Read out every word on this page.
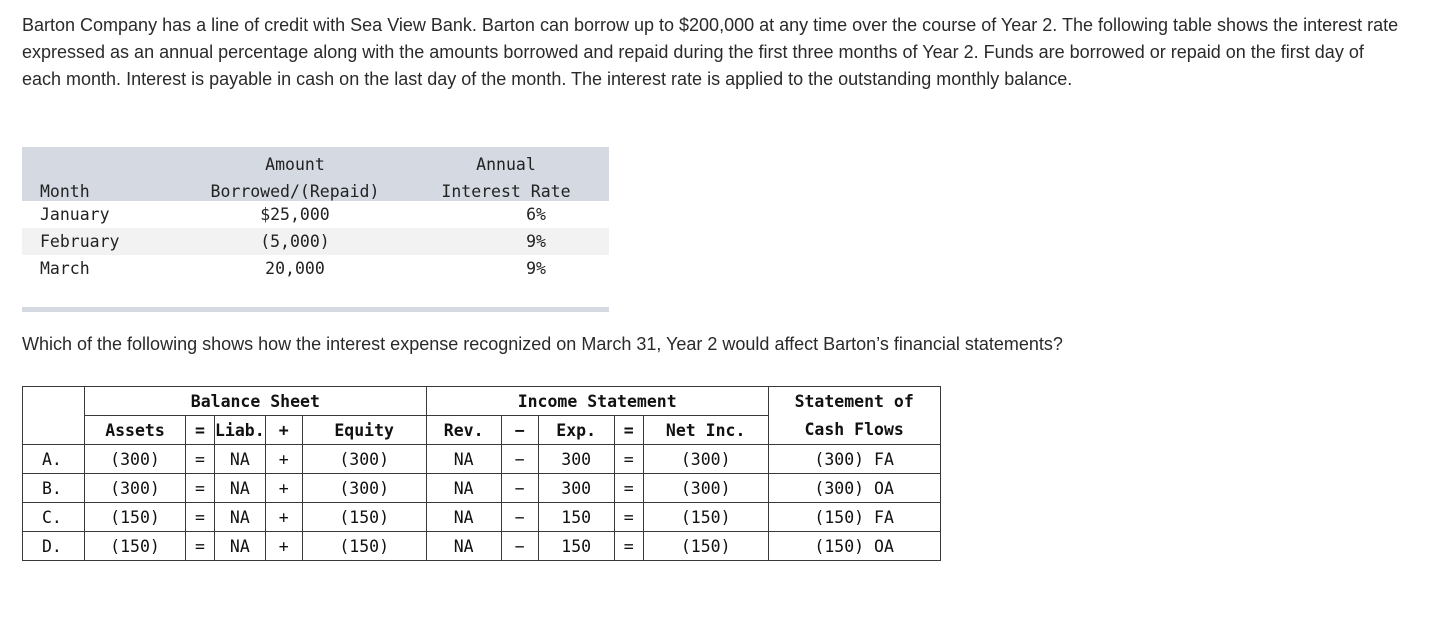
Barton Company has a line of credit with Sea View Bank. Barton can borrow up to $200,000 at any time over the course of Year 2. The following table shows the interest rate expressed as an annual percentage along with the amounts borrowed and repaid during the first three months of Year 2. Funds are borrowed or repaid on the first day of each month. Interest is payable in cash on the last day of the month. The interest rate is applied to the outstanding monthly balance.

	Amount	Annual
Month	Borrowed/(Repaid)	Interest Rate
January	$25,000	6%
February	(5,000)	9%
March	20,000	9%

Which of the following shows how the interest expense recognized on March 31, Year 2 would affect Barton’s financial statements?

	Balance Sheet					Income Statement					Statement of
	Assets	=	Liab.	+	Equity	Rev.	−	Exp.	=	Net Inc.	Cash Flows
A.	(300)	=	NA	+	(300)	NA	−	300	=	(300)	(300) FA
B.	(300)	=	NA	+	(300)	NA	−	300	=	(300)	(300) OA
C.	(150)	=	NA	+	(150)	NA	−	150	=	(150)	(150) FA
D.	(150)	=	NA	+	(150)	NA	−	150	=	(150)	(150) OA
